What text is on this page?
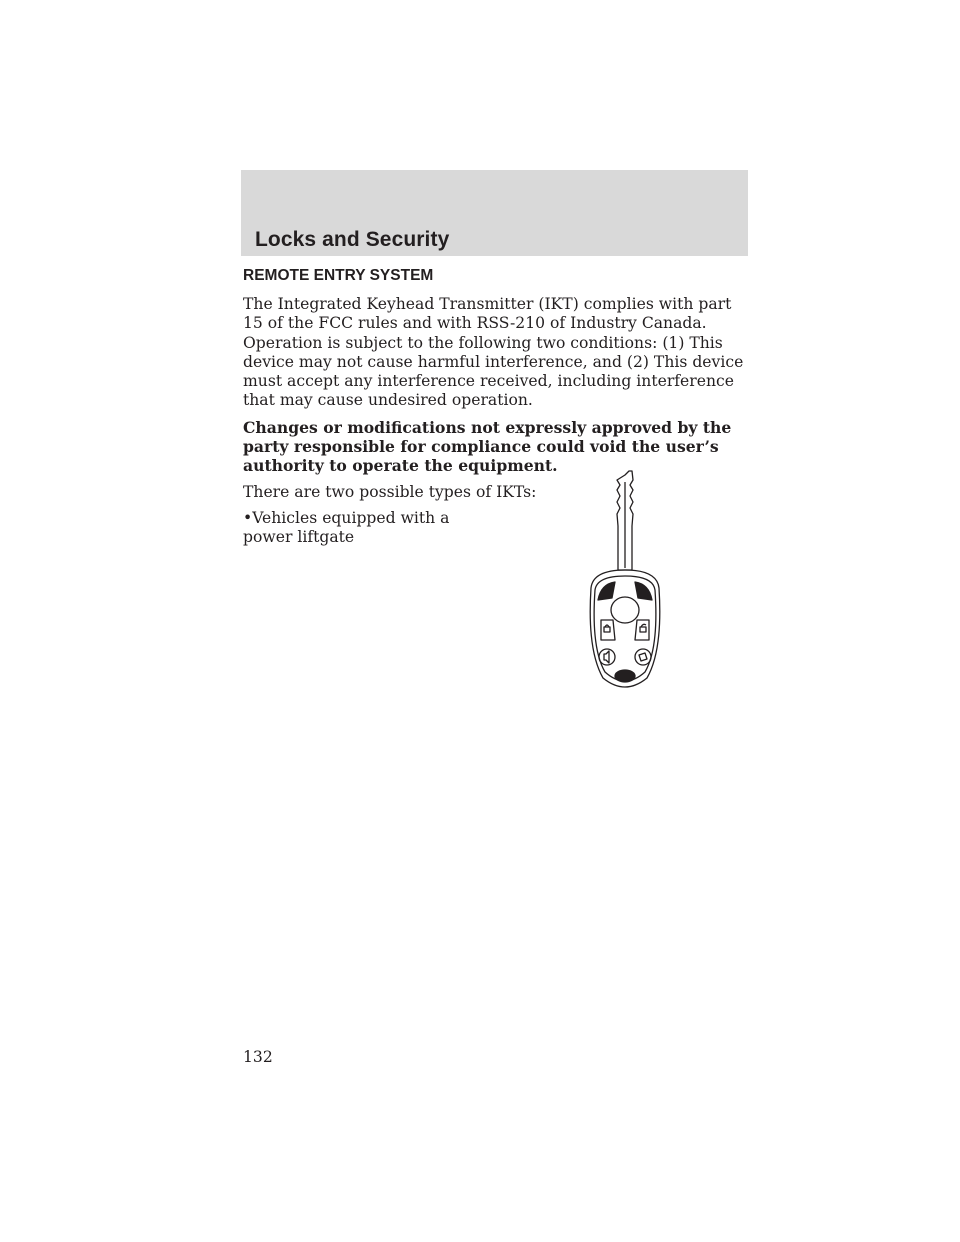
Locks and Security
REMOTE ENTRY SYSTEM

The Integrated Keyhead Transmitter (IKT) complies with part 15 of the FCC rules and with RSS-210 of Industry Canada. Operation is subject to the following two conditions: (1) This device may not cause harmful interference, and (2) This device must accept any interference received, including interference that may cause undesired operation.

Changes or modifications not expressly approved by the party responsible for compliance could void the user’s authority to operate the equipment.

There are two possible types of IKTs:

•Vehicles equipped with a power liftgate

132
